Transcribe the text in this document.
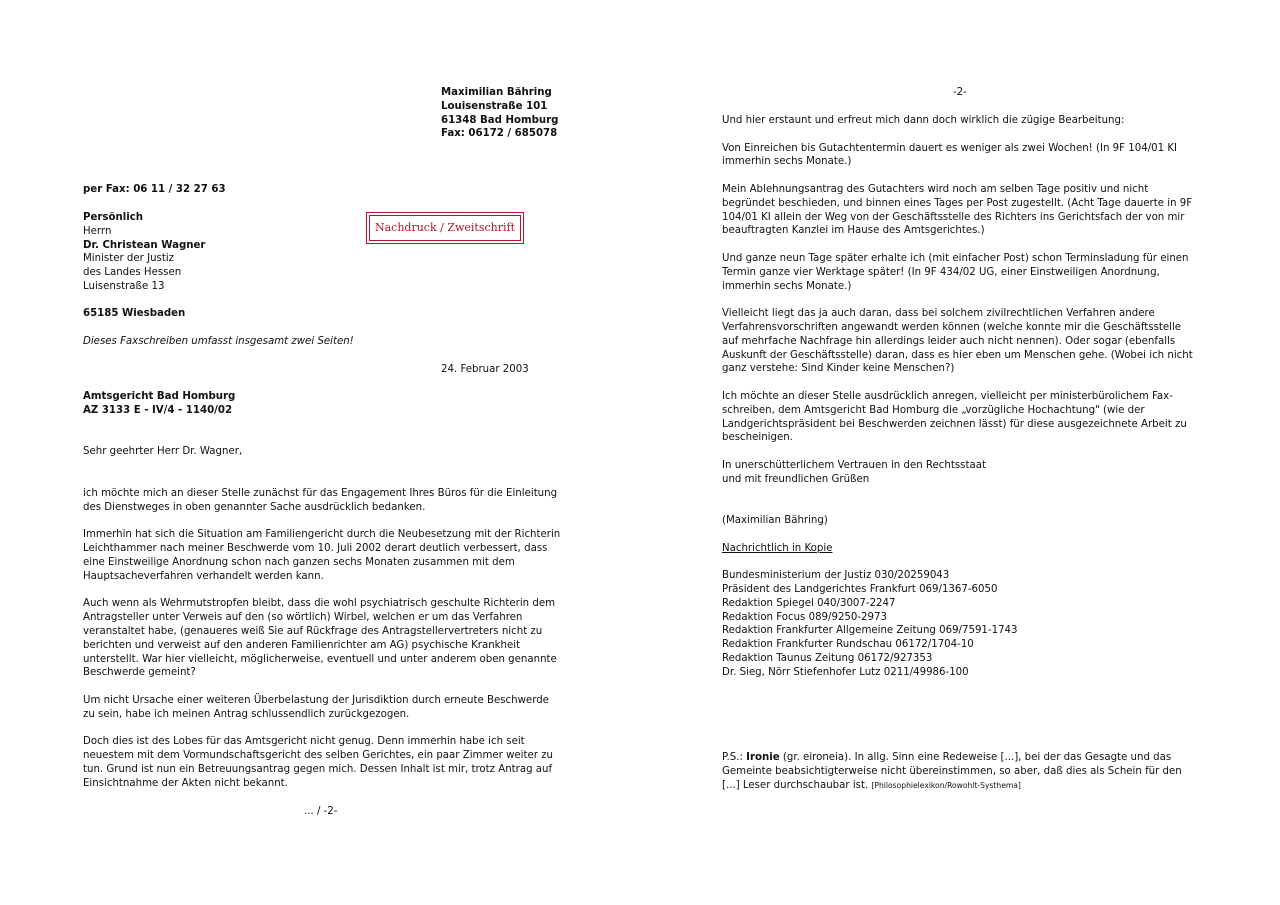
Maximilian Bähring
Louisenstraße 101
61348 Bad Homburg
Fax: 06172 / 685078
per Fax: 06 11 / 32 27 63
Persönlich
Herrn
Dr. Christean Wagner
Minister der Justiz
des Landes Hessen
Luisenstraße 13
Nachdruck / Zweitschrift
65185 Wiesbaden
Dieses Faxschreiben umfasst insgesamt zwei Seiten!
24. Februar 2003
Amtsgericht Bad Homburg
AZ 3133 E - IV/4 - 1140/02
Sehr geehrter Herr Dr. Wagner,

ich möchte mich an dieser Stelle zunächst für das Engagement Ihres Büros für die Einleitung des Dienstweges in oben genannter Sache ausdrücklich bedanken.

Immerhin hat sich die Situation am Familiengericht durch die Neubesetzung mit der Richterin Leichthammer nach meiner Beschwerde vom 10. Juli 2002 derart deutlich verbessert, dass eine Einstweilige Anordnung schon nach ganzen sechs Monaten zusammen mit dem Hauptsacheverfahren verhandelt werden kann.

Auch wenn als Wehrmutstropfen bleibt, dass die wohl psychiatrisch geschulte Richterin dem Antragsteller unter Verweis auf den (so wörtlich) Wirbel, welchen er um das Verfahren veranstaltet habe, (genaueres weiß Sie auf Rückfrage des Antragstellervertreters nicht zu berichten und verweist auf den anderen Familienrichter am AG) psychische Krankheit unterstellt. War hier vielleicht, möglicherweise, eventuell und unter anderem oben genannte Beschwerde gemeint?

Um nicht Ursache einer weiteren Überbelastung der Jurisdiktion durch erneute Beschwerde zu sein, habe ich meinen Antrag schlussendlich zurückgezogen.

Doch dies ist des Lobes für das Amtsgericht nicht genug. Denn immerhin habe ich seit neuestem mit dem Vormundschaftsgericht des selben Gerichtes, ein paar Zimmer weiter zu tun. Grund ist nun ein Betreuungsantrag gegen mich. Dessen Inhalt ist mir, trotz Antrag auf Einsichtnahme der Akten nicht bekannt.

... / -2-
-2-

Und hier erstaunt und erfreut mich dann doch wirklich die zügige Bearbeitung:

Von Einreichen bis Gutachtentermin dauert es weniger als zwei Wochen! (In 9F 104/01 KI immerhin sechs Monate.)

Mein Ablehnungsantrag des Gutachters wird noch am selben Tage positiv und nicht begründet beschieden, und binnen eines Tages per Post zugestellt. (Acht Tage dauerte in 9F 104/01 KI allein der Weg von der Geschäftsstelle des Richters ins Gerichtsfach der von mir beauftragten Kanzlei im Hause des Amtsgerichtes.)

Und ganze neun Tage später erhalte ich (mit einfacher Post) schon Terminsladung für einen Termin ganze vier Werktage später! (In 9F 434/02 UG, einer Einstweiligen Anordnung, immerhin sechs Monate.)

Vielleicht liegt das ja auch daran, dass bei solchem zivilrechtlichen Verfahren andere Verfahrensvorschriften angewandt werden können (welche konnte mir die Geschäftsstelle auf mehrfache Nachfrage hin allerdings leider auch nicht nennen). Oder sogar (ebenfalls Auskunft der Geschäftsstelle) daran, dass es hier eben um Menschen gehe. (Wobei ich nicht ganz verstehe: Sind Kinder keine Menschen?)

Ich möchte an dieser Stelle ausdrücklich anregen, vielleicht per ministerbürolichem Fax-schreiben, dem Amtsgericht Bad Homburg die „vorzügliche Hochachtung" (wie der Landgerichtspräsident bei Beschwerden zeichnen lässt) für diese ausgezeichnete Arbeit zu bescheinigen.

In unerschütterlichem Vertrauen in den Rechtsstaat
und mit freundlichen Grüßen

(Maximilian Bähring)

Nachrichtlich in Kopie

Bundesministerium der Justiz 030/20259043
Präsident des Landgerichtes Frankfurt 069/1367-6050
Redaktion Spiegel 040/3007-2247
Redaktion Focus 089/9250-2973
Redaktion Frankfurter Allgemeine Zeitung 069/7591-1743
Redaktion Frankfurter Rundschau 06172/1704-10
Redaktion Taunus Zeitung 06172/927353
Dr. Sieg, Nörr Stiefenhofer Lutz 0211/49986-100
P.S.: Ironie (gr. eironeia). In allg. Sinn eine Redeweise [...], bei der das Gesagte und das Gemeinte beabsichtigterweise nicht übereinstimmen, so aber, daß dies als Schein für den [...] Leser durchschaubar ist. [Philosophielexikon/Rowohlt-Systhema]
